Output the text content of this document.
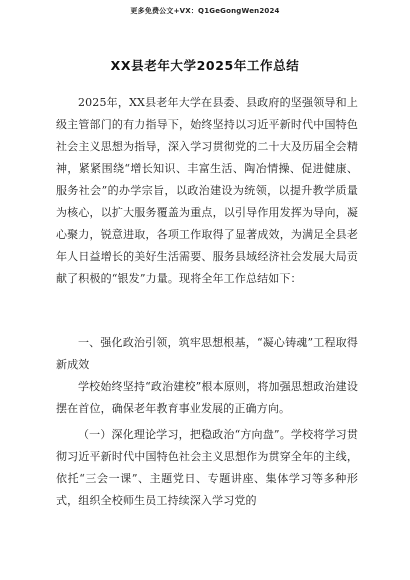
更多免费公文+VX：Q1GeGongWen2024
XX县老年大学2025年工作总结

2025年，XX县老年大学在县委、县政府的坚强领导和上级主管部门的有力指导下，始终坚持以习近平新时代中国特色社会主义思想为指导，深入学习贯彻党的二十大及历届全会精神，紧紧围绕“增长知识、丰富生活、陶冶情操、促进健康、服务社会”的办学宗旨，以政治建设为统领，以提升教学质量为核心，以扩大服务覆盖为重点，以引导作用发挥为导向，凝心聚力，锐意进取，各项工作取得了显著成效，为满足全县老年人日益增长的美好生活需要、服务县域经济社会发展大局贡献了积极的“银发”力量。现将全年工作总结如下：

一、强化政治引领，筑牢思想根基，“凝心铸魂”工程取得新成效

学校始终坚持“政治建校”根本原则，将加强思想政治建设摆在首位，确保老年教育事业发展的正确方向。

（一）深化理论学习，把稳政治“方向盘”。学校将学习贯彻习近平新时代中国特色社会主义思想作为贯穿全年的主线，依托“三会一课”、主题党日、专题讲座、集体学习等多种形式，组织全校师生员工持续深入学习党的
